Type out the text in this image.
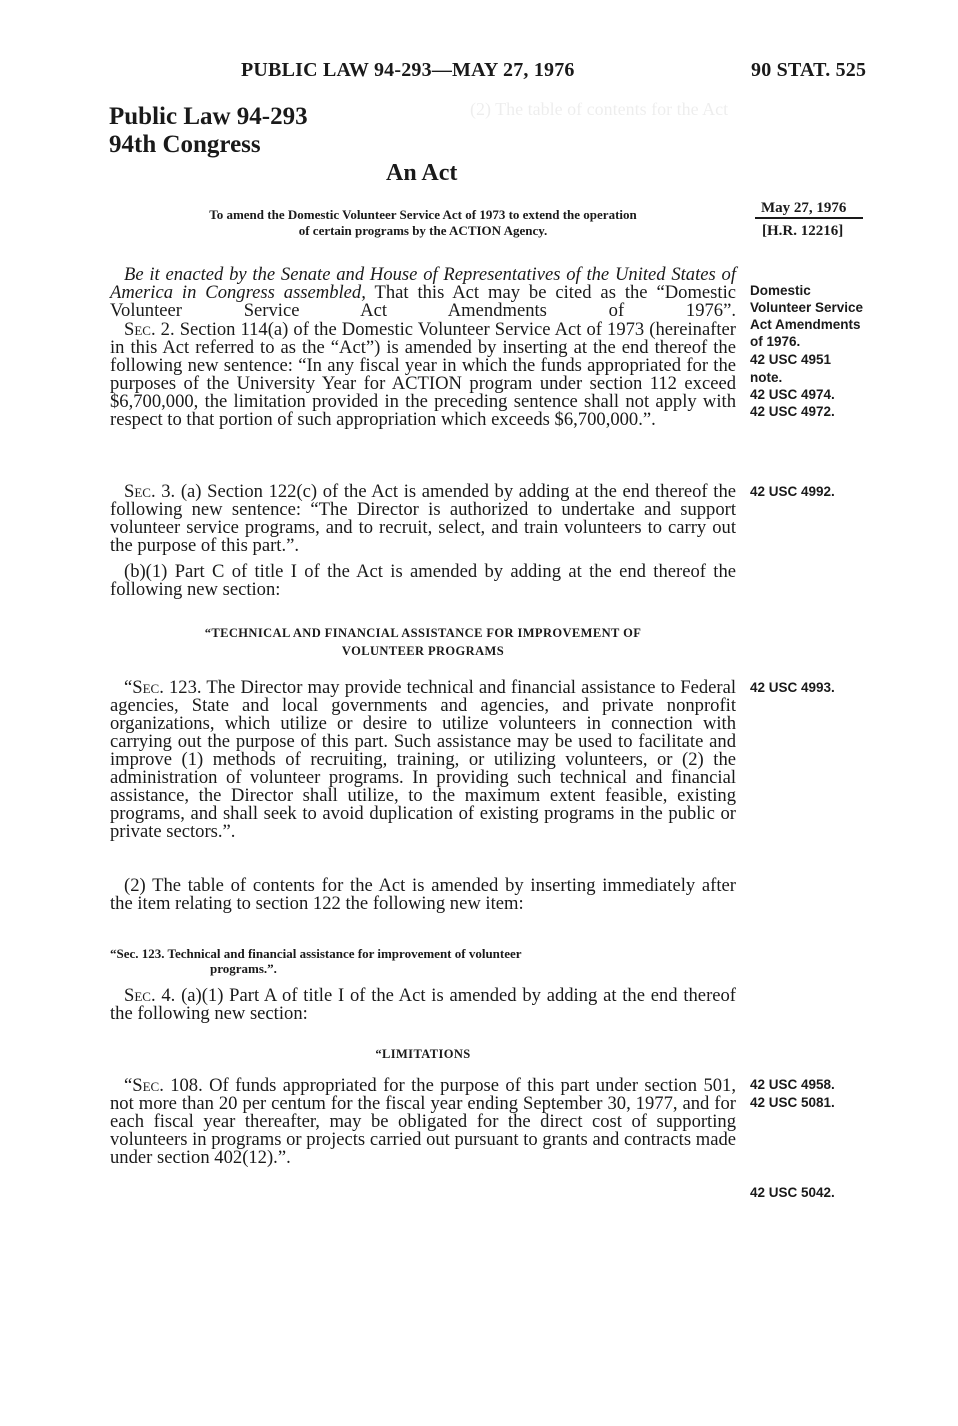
(2) The table of contents for the Act

PUBLIC LAW 94-293—MAY 27, 1976	90 STAT. 525
Public Law 94-293
94th Congress
An Act
To amend the Domestic Volunteer Service Act of 1973 to extend the operation
of certain programs by the ACTION Agency.
May 27, 1976
[H.R. 12216]
Domestic
Volunteer Service
Act Amendments
of 1976.
42 USC 4951
note.
42 USC 4974.
42 USC 4972.
42 USC 4992.
42 USC 4993.
42 USC 4958.
42 USC 5081.
42 USC 5042.

Be it enacted by the Senate and House of Representatives of the United States of America in Congress assembled, That this Act may be cited as the “Domestic Volunteer Service Act Amendments of 1976”.

Sec. 2. Section 114(a) of the Domestic Volunteer Service Act of 1973 (hereinafter in this Act referred to as the “Act”) is amended by inserting at the end thereof the following new sentence: “In any fiscal year in which the funds appropriated for the purposes of the University Year for ACTION program under section 112 exceed $6,700,000, the limitation provided in the preceding sentence shall not apply with respect to that portion of such appropriation which exceeds $6,700,000.”.

Sec. 3. (a) Section 122(c) of the Act is amended by adding at the end thereof the following new sentence: “The Director is authorized to undertake and support volunteer service programs, and to recruit, select, and train volunteers to carry out the purpose of this part.”.

(b)(1) Part C of title I of the Act is amended by adding at the end thereof the following new section:

“TECHNICAL AND FINANCIAL ASSISTANCE FOR IMPROVEMENT OF
VOLUNTEER PROGRAMS

“Sec. 123. The Director may provide technical and financial assistance to Federal agencies, State and local governments and agencies, and private nonprofit organizations, which utilize or desire to utilize volunteers in connection with carrying out the purpose of this part. Such assistance may be used to facilitate and improve (1) methods of recruiting, training, or utilizing volunteers, or (2) the administration of volunteer programs. In providing such technical and financial assistance, the Director shall utilize, to the maximum extent feasible, existing programs, and shall seek to avoid duplication of existing programs in the public or private sectors.”.

(2) The table of contents for the Act is amended by inserting immediately after the item relating to section 122 the following new item:

“Sec. 123. Technical and financial assistance for improvement of volunteer
programs.”.

Sec. 4. (a)(1) Part A of title I of the Act is amended by adding at the end thereof the following new section:

“LIMITATIONS

“Sec. 108. Of funds appropriated for the purpose of this part under section 501, not more than 20 per centum for the fiscal year ending September 30, 1977, and for each fiscal year thereafter, may be obligated for the direct cost of supporting volunteers in programs or projects carried out pursuant to grants and contracts made under section 402(12).”.
